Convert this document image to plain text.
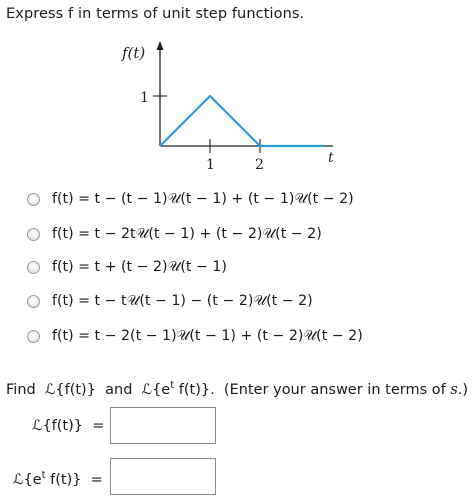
Express f in terms of unit step functions.
f(t)
1
1	2	t
f(t) = t − (t − 1)𝒰(t − 1) + (t − 1)𝒰(t − 2)
f(t) = t − 2t𝒰(t − 1) + (t − 2)𝒰(t − 2)
f(t) = t + (t − 2)𝒰(t − 1)
f(t) = t − t𝒰(t − 1) − (t − 2)𝒰(t − 2)
f(t) = t − 2(t − 1)𝒰(t − 1) + (t − 2)𝒰(t − 2)
Find  ℒ{f(t)}  and  $ℒ\{e^t$ f(t)}.  (Enter your answer in terms of s.)
ℒ{f(t)}  =
$ℒ\{e^t$ f(t)}  =
